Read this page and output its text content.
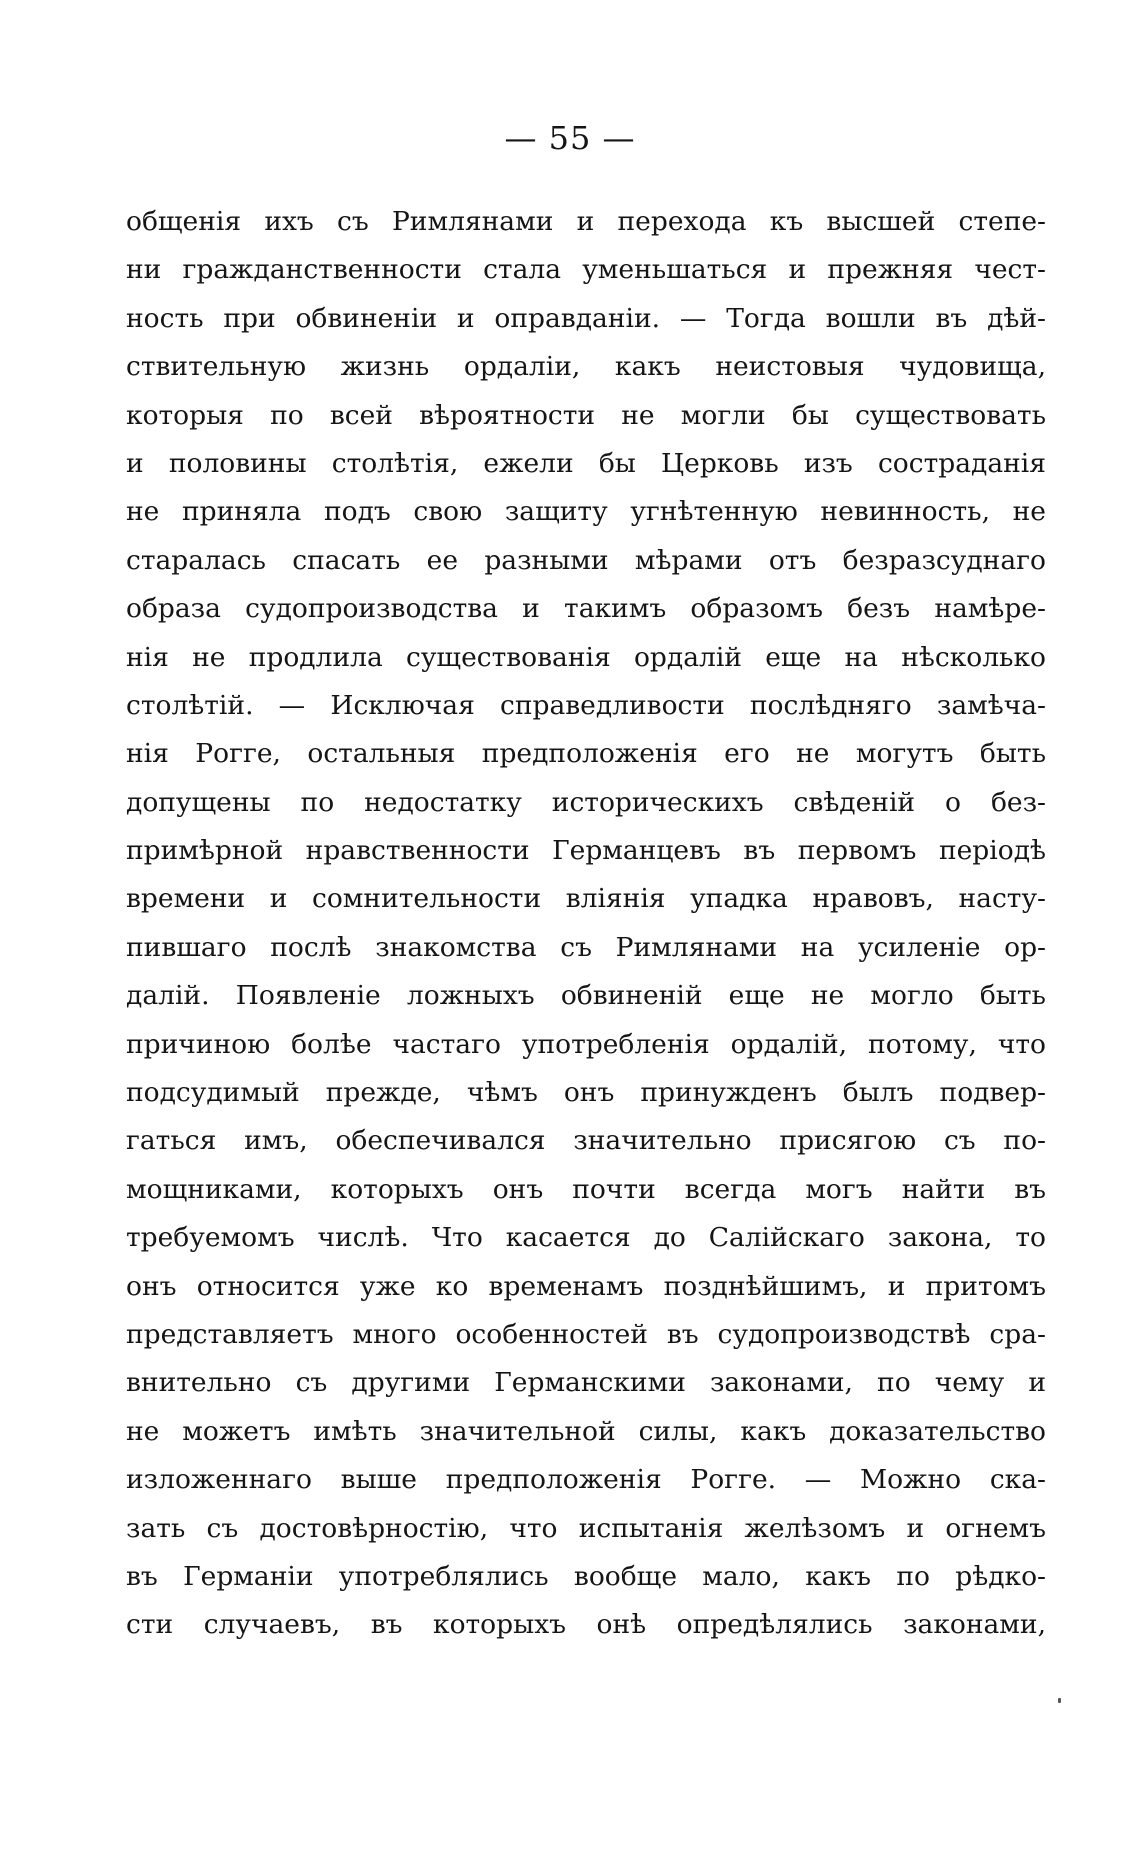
— 55 —
общенія ихъ съ Римлянами и перехода къ высшей степе-
ни гражданственности стала уменьшаться и прежняя чест-
ность при обвиненіи и оправданіи. — Тогда вошли въ дѣй-
ствительную жизнь ордаліи, какъ неистовыя чудовища,
которыя по всей вѣроятности не могли бы существовать
и половины столѣтія, ежели бы Церковь изъ состраданія
не приняла подъ свою защиту угнѣтенную невинность, не
старалась спасать ее разными мѣрами отъ безразсуднаго
образа судопроизводства и такимъ образомъ безъ намѣре-
нія не продлила существованія ордалій еще на нѣсколько
столѣтій. — Исключая справедливости послѣдняго замѣча-
нія Рогге, остальныя предположенія его не могутъ быть
допущены по недостатку историческихъ свѣденій о без-
примѣрной нравственности Германцевъ въ первомъ періодѣ
времени и сомнительности вліянія упадка нравовъ, насту-
пившаго послѣ знакомства съ Римлянами на усиленіе ор-
далій. Появленіе ложныхъ обвиненій еще не могло быть
причиною болѣе частаго употребленія ордалій, потому, что
подсудимый прежде, чѣмъ онъ принужденъ былъ подвер-
гаться имъ, обеспечивался значительно присягою съ по-
мощниками, которыхъ онъ почти всегда могъ найти въ
требуемомъ числѣ. Что касается до Салійскаго закона, то
онъ относится уже ко временамъ позднѣйшимъ, и притомъ
представляетъ много особенностей въ судопроизводствѣ сра-
внительно съ другими Германскими законами, по чему и
не можетъ имѣть значительной силы, какъ доказательство
изложеннаго выше предположенія Рогге. — Можно ска-
зать съ достовѣрностію, что испытанія желѣзомъ и огнемъ
въ Германіи употреблялись вообще мало, какъ по рѣдко-
сти случаевъ, въ которыхъ онѣ опредѣлялись законами,
